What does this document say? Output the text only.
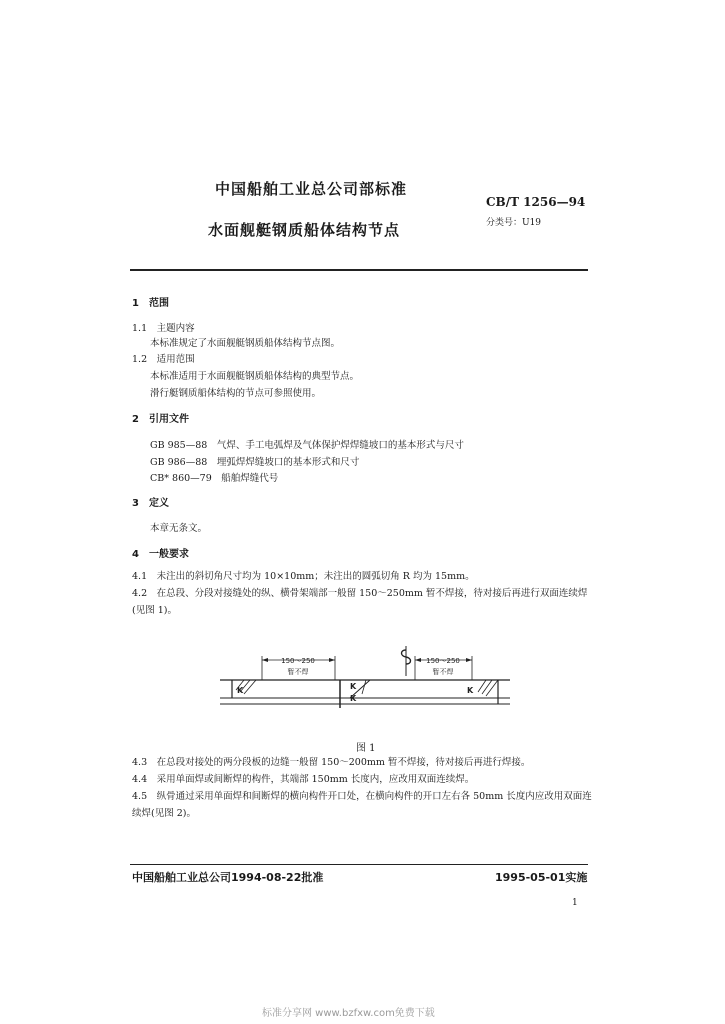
中国船舶工业总公司部标准
CB/T 1256—94
分类号：U19
水面舰艇钢质船体结构节点
1　范围
1.1　主题内容
本标准规定了水面舰艇钢质船体结构节点图。
1.2　适用范围
本标准适用于水面舰艇钢质船体结构的典型节点。
滑行艇钢质船体结构的节点可参照使用。
2　引用文件
GB 985—88　 气焊、手工电弧焊及气体保护焊焊缝坡口的基本形式与尺寸
GB 986—88　 埋弧焊焊缝坡口的基本形式和尺寸
CB* 860—79　 船舶焊缝代号
3　定义
本章无条文。
4　一般要求
4.1　未注出的斜切角尺寸均为 10×10mm；未注出的圆弧切角 R 均为 15mm。
4.2　在总段、分段对接缝处的纵、横骨架端部一般留 150～250mm 暂不焊接，待对接后再进行双面连续焊(见图 1)。
150～250
暂不焊
150～250
暂不焊
K	K
K
K
图 1
4.3　在总段对接处的两分段板的边缝一般留 150～200mm 暂不焊接，待对接后再进行焊接。
4.4　采用单面焊或间断焊的构件，其端部 150mm 长度内，应改用双面连续焊。
4.5　纵骨通过采用单面焊和间断焊的横向构件开口处，在横向构件的开口左右各 50mm 长度内应改用双面连续焊(见图 2)。
中国船舶工业总公司1994-08-22批准	1995-05-01实施
1
标准分享网 www.bzfxw.com免费下载
